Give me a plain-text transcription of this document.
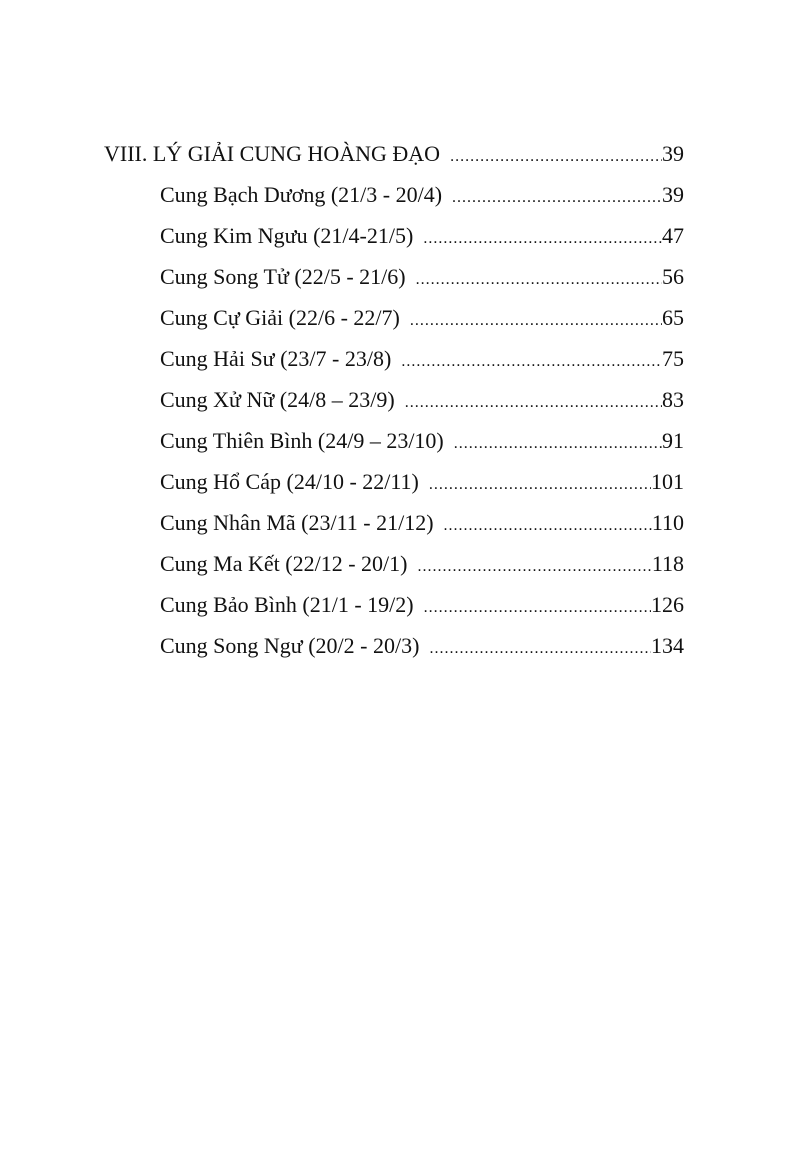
VIII. LÝ GIẢI CUNG HOÀNG ĐẠO .....	39
Cung Bạch Dương (21/3 - 20/4) .....	39
Cung Kim Ngưu (21/4-21/5) .....	47
Cung Song Tử (22/5 - 21/6) .....	56
Cung Cự Giải (22/6 - 22/7) .....	65
Cung Hải Sư (23/7 - 23/8) .....	75
Cung Xử Nữ (24/8 – 23/9) .....	83
Cung Thiên Bình (24/9 – 23/10) .....	91
Cung Hổ Cáp (24/10 - 22/11) .....	101
Cung Nhân Mã (23/11 - 21/12) .....	110
Cung Ma Kết (22/12 - 20/1) .....	118
Cung Bảo Bình (21/1 - 19/2) .....	126
Cung Song Ngư (20/2 - 20/3) .....	134
